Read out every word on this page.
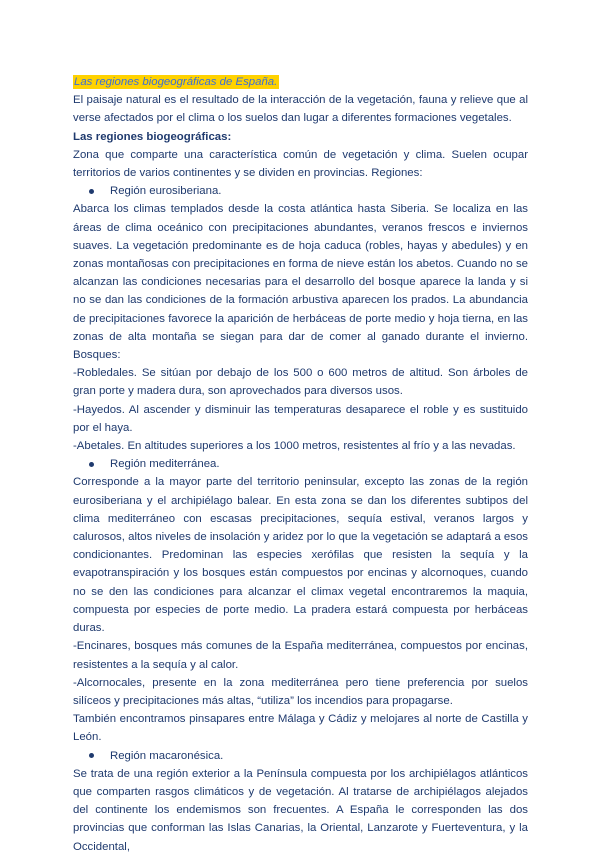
Las regiones biogeográficas de España.

El paisaje natural es el resultado de la interacción de la vegetación, fauna y relieve que al verse afectados por el clima o los suelos dan lugar a diferentes formaciones vegetales.

Las regiones biogeográficas:

Zona que comparte una característica común de vegetación y clima. Suelen ocupar territorios de varios continentes y se dividen en provincias. Regiones:

Región eurosiberiana.

Abarca los climas templados desde la costa atlántica hasta Siberia. Se localiza en las áreas de clima oceánico con precipitaciones abundantes, veranos frescos e inviernos suaves. La vegetación predominante es de hoja caduca (robles, hayas y abedules) y en zonas montañosas con precipitaciones en forma de nieve están los abetos. Cuando no se alcanzan las condiciones necesarias para el desarrollo del bosque aparece la landa y si no se dan las condiciones de la formación arbustiva aparecen los prados. La abundancia de precipitaciones favorece la aparición de herbáceas de porte medio y hoja tierna, en las zonas de alta montaña se siegan para dar de comer al ganado durante el invierno. Bosques:

-Robledales. Se sitúan por debajo de los 500 o 600 metros de altitud. Son árboles de gran porte y madera dura, son aprovechados para diversos usos.

-Hayedos. Al ascender y disminuir las temperaturas desaparece el roble y es sustituido por el haya.

-Abetales. En altitudes superiores a los 1000 metros, resistentes al frío y a las nevadas.

Región mediterránea.

Corresponde a la mayor parte del territorio peninsular, excepto las zonas de la región eurosiberiana y el archipiélago balear. En esta zona se dan los diferentes subtipos del clima mediterráneo con escasas precipitaciones, sequía estival, veranos largos y calurosos, altos niveles de insolación y aridez por lo que la vegetación se adaptará a esos condicionantes. Predominan las especies xerófilas que resisten la sequía y la evapotranspiración y los bosques están compuestos por encinas y alcornoques, cuando no se den las condiciones para alcanzar el climax vegetal encontraremos la maquia, compuesta por especies de porte medio. La pradera estará compuesta por herbáceas duras.

-Encinares, bosques más comunes de la España mediterránea, compuestos por encinas, resistentes a la sequía y al calor.

-Alcornocales, presente en la zona mediterránea pero tiene preferencia por suelos silíceos y precipitaciones más altas, “utiliza” los incendios para propagarse.

También encontramos pinsapares entre Málaga y Cádiz y melojares al norte de Castilla y León.

Región macaronésica.

Se trata de una región exterior a la Península compuesta por los archipiélagos atlánticos que comparten rasgos climáticos y de vegetación. Al tratarse de archipiélagos alejados del continente los endemismos son frecuentes. A España le corresponden las dos provincias que conforman las Islas Canarias, la Oriental, Lanzarote y Fuerteventura, y la Occidental,
